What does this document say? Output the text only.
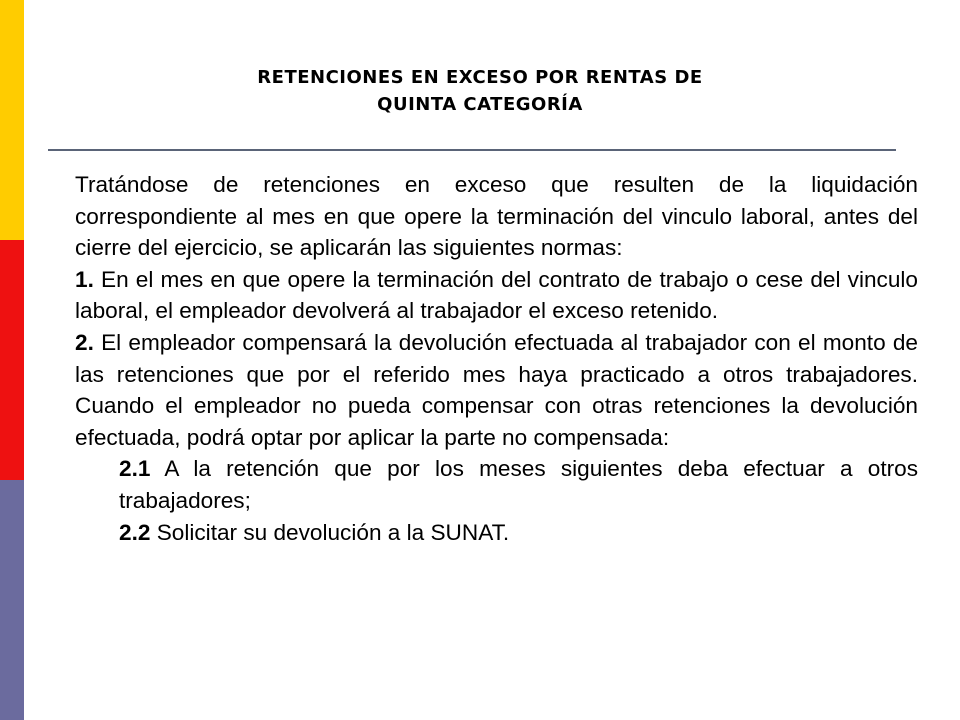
RETENCIONES EN EXCESO POR RENTAS DE
QUINTA CATEGORÍA

Tratándose de retenciones en exceso que resulten de la liquidación correspondiente al mes en que opere la terminación del vinculo laboral, antes del cierre del ejercicio, se aplicarán las siguientes normas:

1. En el mes en que opere la terminación del contrato de trabajo o cese del vinculo laboral, el empleador devolverá al trabajador el exceso retenido.

2. El empleador compensará la devolución efectuada al trabajador con el monto de las retenciones que por el referido mes haya practicado a otros trabajadores. Cuando el empleador no pueda compensar con otras retenciones la devolución efectuada, podrá optar por aplicar la parte no compensada:

2.1 A la retención que por los meses siguientes deba efectuar a otros trabajadores;

2.2 Solicitar su devolución a la SUNAT.
